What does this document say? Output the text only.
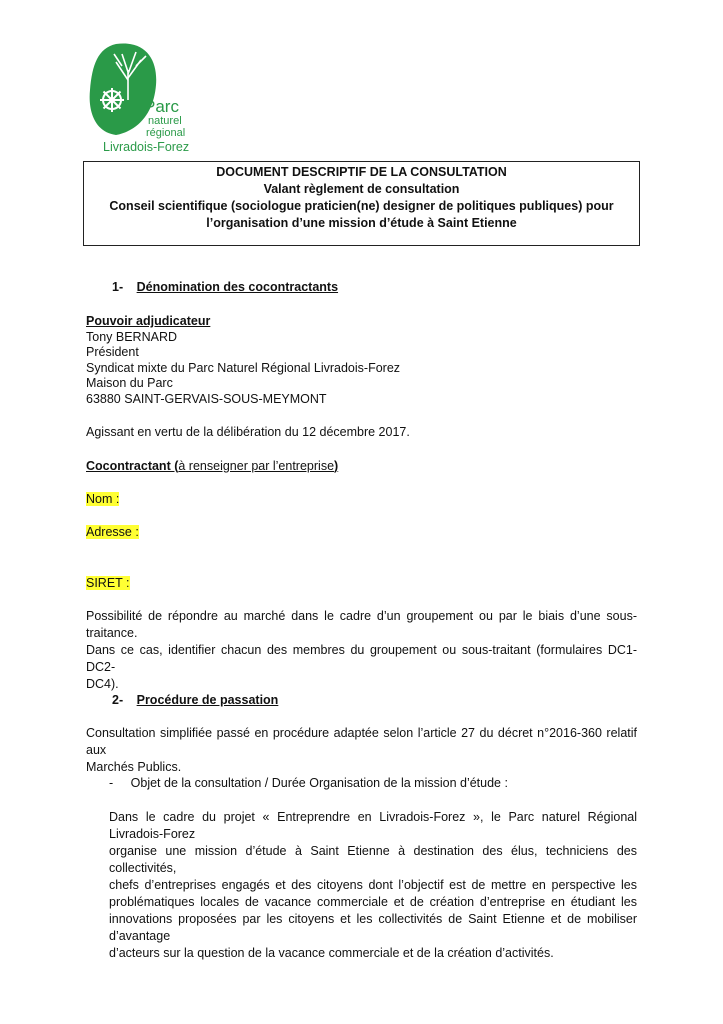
Parc
naturel
régional
Livradois-Forez
DOCUMENT DESCRIPTIF DE LA CONSULTATION
Valant règlement de consultation
Conseil scientifique (sociologue praticien(ne) designer de politiques publiques) pour
l’organisation d’une mission d’étude à Saint Etienne
1- Dénomination des cocontractants
Pouvoir adjudicateur
Tony BERNARD
Président
Syndicat mixte du Parc Naturel Régional Livradois-Forez
Maison du Parc
63880 SAINT-GERVAIS-SOUS-MEYMONT
Agissant en vertu de la délibération du 12 décembre 2017.
Cocontractant (à renseigner par l’entreprise)
Nom :
Adresse :
SIRET :
Possibilité de répondre au marché dans le cadre d’un groupement ou par le biais d’une sous-traitance.
Dans ce cas, identifier chacun des membres du groupement ou sous-traitant (formulaires DC1-DC2-
DC4).
2- Procédure de passation
Consultation simplifiée passé en procédure adaptée selon l’article 27 du décret n°2016-360 relatif aux
Marchés Publics.
- Objet de la consultation / Durée Organisation de la mission d’étude :
Dans le cadre du projet « Entreprendre en Livradois-Forez », le Parc naturel Régional Livradois-Forez
organise une mission d’étude à Saint Etienne à destination des élus, techniciens des collectivités,
chefs d’entreprises engagés et des citoyens dont l’objectif est de mettre en perspective les
problématiques locales de vacance commerciale et de création d’entreprise en étudiant les
innovations proposées par les citoyens et les collectivités de Saint Etienne et de mobiliser d’avantage
d’acteurs sur la question de la vacance commerciale et de la création d’activités.
